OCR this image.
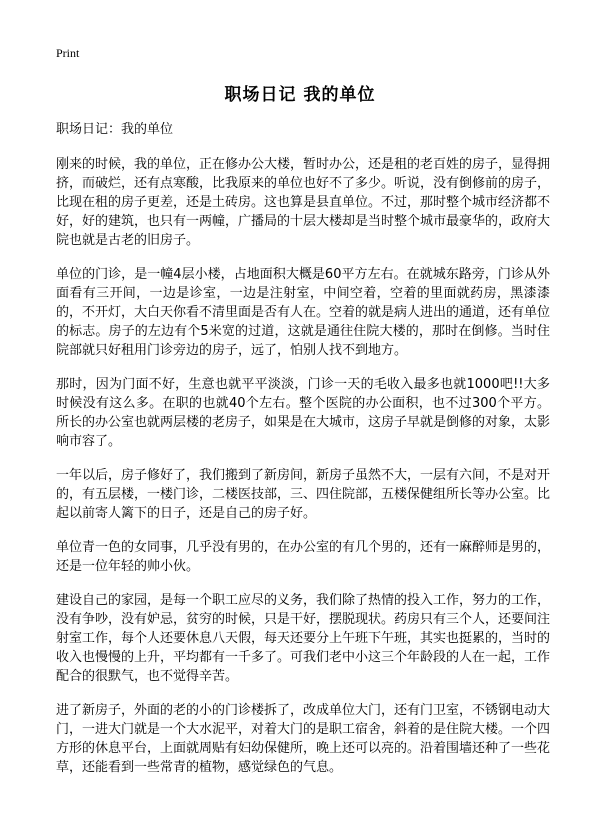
Print
职场日记 我的单位
职场日记：我的单位

刚来的时候，我的单位，正在修办公大楼，暂时办公，还是租的老百姓的房子，显得拥挤，而破烂，还有点寒酸，比我原来的单位也好不了多少。听说，没有倒修前的房子，比现在租的房子更差，还是土砖房。这也算是县直单位。不过，那时整个城市经济都不好，好的建筑，也只有一两幢，广播局的十层大楼却是当时整个城市最豪华的，政府大院也就是古老的旧房子。

单位的门诊，是一幢4层小楼，占地面积大概是60平方左右。在就城东路旁，门诊从外面看有三开间，一边是诊室，一边是注射室，中间空着，空着的里面就药房，黑漆漆的，不开灯，大白天你看不清里面是否有人在。空着的就是病人进出的通道，还有单位的标志。房子的左边有个5米宽的过道，这就是通往住院大楼的，那时在倒修。当时住院部就只好租用门诊旁边的房子，远了，怕别人找不到地方。

那时，因为门面不好，生意也就平平淡淡，门诊一天的毛收入最多也就1000吧!!大多时候没有这么多。在职的也就40个左右。整个医院的办公面积，也不过300个平方。所长的办公室也就两层楼的老房子，如果是在大城市，这房子早就是倒修的对象，太影响市容了。

一年以后，房子修好了，我们搬到了新房间，新房子虽然不大，一层有六间，不是对开的，有五层楼，一楼门诊，二楼医技部，三、四住院部，五楼保健组所长等办公室。比起以前寄人篱下的日子，还是自己的房子好。

单位青一色的女同事，几乎没有男的，在办公室的有几个男的，还有一麻醉师是男的，还是一位年轻的帅小伙。

建设自己的家园，是每一个职工应尽的义务，我们除了热情的投入工作，努力的工作，没有争吵，没有妒忌，贫穷的时候，只是干好，摆脱现状。药房只有三个人，还要间注射室工作，每个人还要休息八天假，每天还要分上午班下午班，其实也挺累的，当时的收入也慢慢的上升，平均都有一千多了。可我们老中小这三个年龄段的人在一起，工作配合的很默气，也不觉得辛苦。

进了新房子，外面的老的小的门诊楼拆了，改成单位大门，还有门卫室，不锈钢电动大门，一进大门就是一个大水泥平，对着大门的是职工宿舍，斜着的是住院大楼。一个四方形的休息平台，上面就周贴有妇幼保健所，晚上还可以亮的。沿着围墙还种了一些花草，还能看到一些常青的植物，感觉绿色的气息。
